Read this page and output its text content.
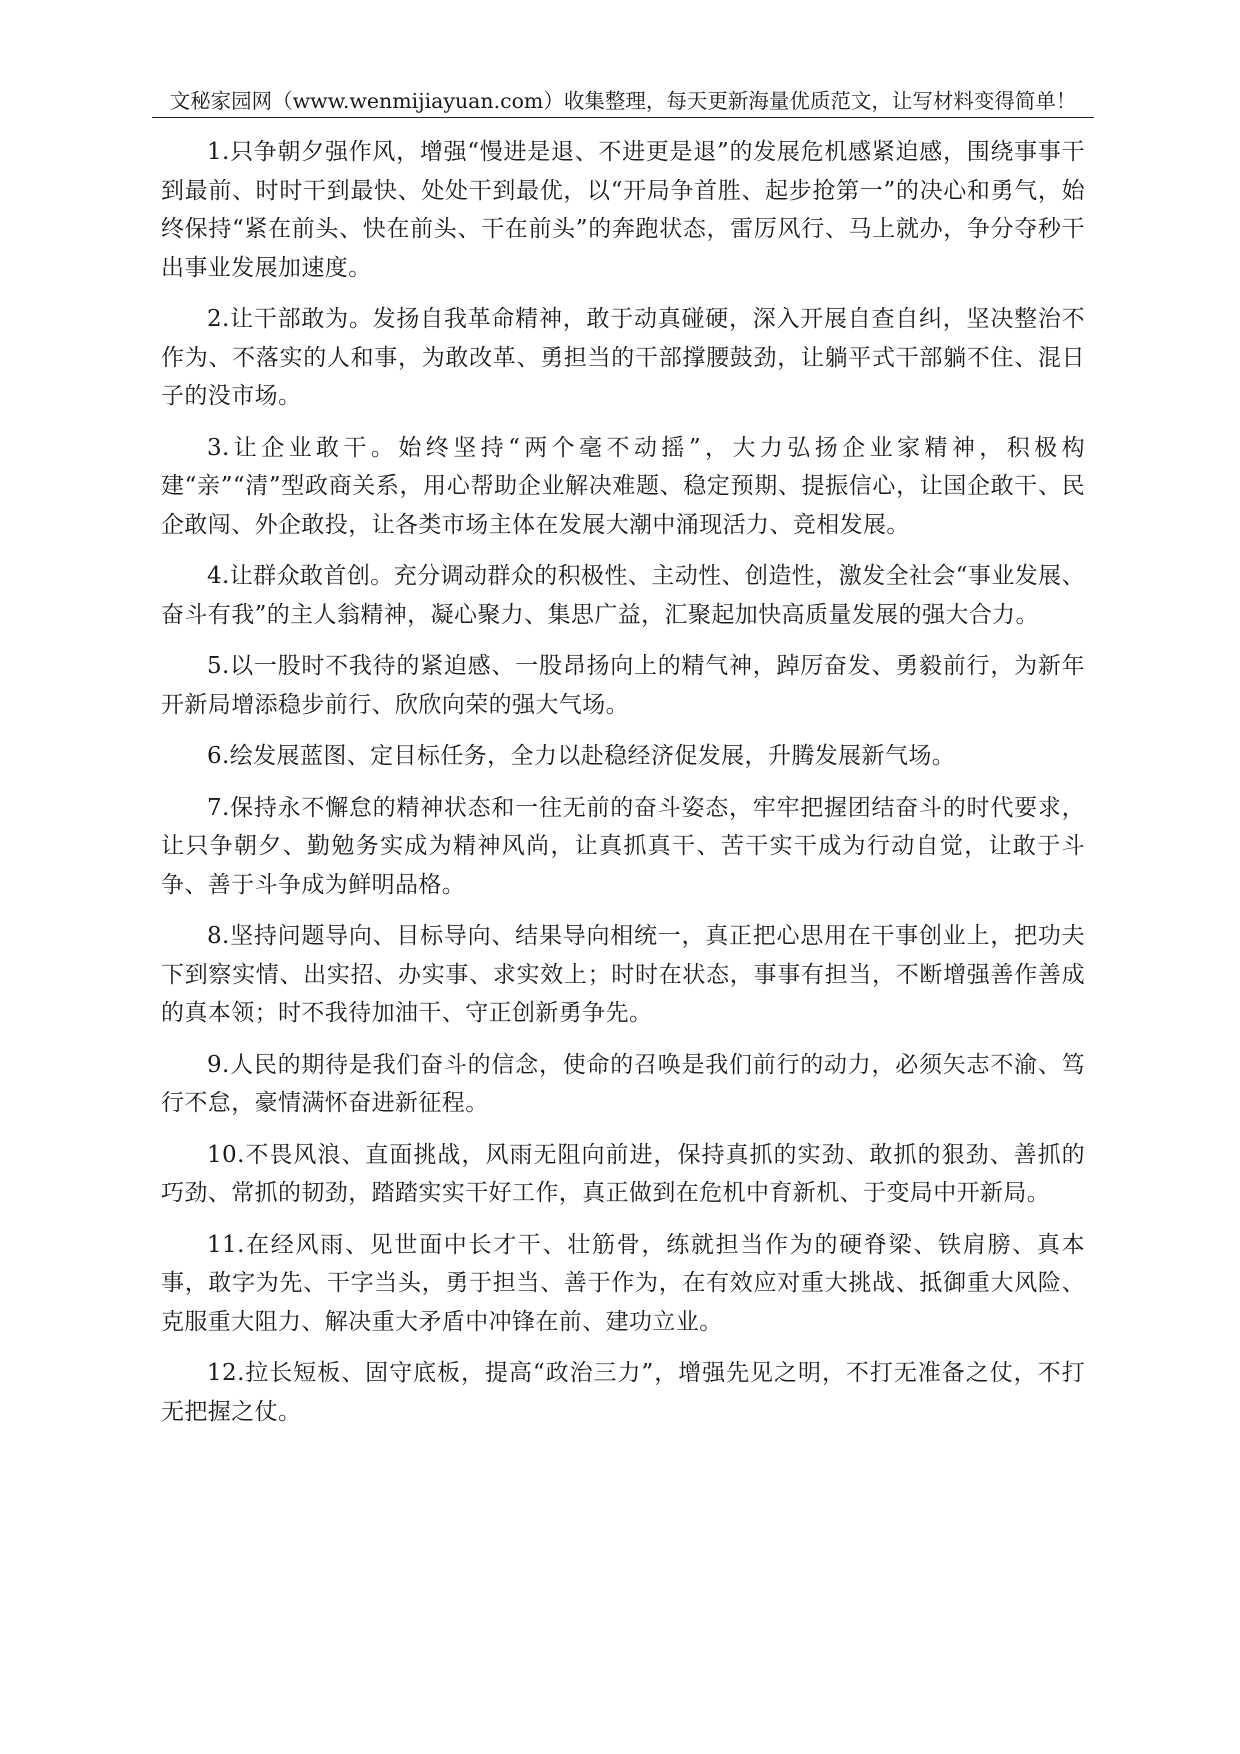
文秘家园网（www.wenmijiayuan.com）收集整理，每天更新海量优质范文，让写材料变得简单！

1.只争朝夕强作风，增强“慢进是退、不进更是退”的发展危机感紧迫感，围绕事事干到最前、时时干到最快、处处干到最优，以“开局争首胜、起步抢第一”的决心和勇气，始终保持“紧在前头、快在前头、干在前头”的奔跑状态，雷厉风行、马上就办，争分夺秒干出事业发展加速度。

2.让干部敢为。发扬自我革命精神，敢于动真碰硬，深入开展自查自纠，坚决整治不作为、不落实的人和事，为敢改革、勇担当的干部撑腰鼓劲，让躺平式干部躺不住、混日子的没市场。

3.让企业敢干。始终坚持“两个毫不动摇”，大力弘扬企业家精神，积极构建“亲”“清”型政商关系，用心帮助企业解决难题、稳定预期、提振信心，让国企敢干、民企敢闯、外企敢投，让各类市场主体在发展大潮中涌现活力、竞相发展。

4.让群众敢首创。充分调动群众的积极性、主动性、创造性，激发全社会“事业发展、奋斗有我”的主人翁精神，凝心聚力、集思广益，汇聚起加快高质量发展的强大合力。

5.以一股时不我待的紧迫感、一股昂扬向上的精气神，踔厉奋发、勇毅前行，为新年开新局增添稳步前行、欣欣向荣的强大气场。

6.绘发展蓝图、定目标任务，全力以赴稳经济促发展，升腾发展新气场。

7.保持永不懈怠的精神状态和一往无前的奋斗姿态，牢牢把握团结奋斗的时代要求，让只争朝夕、勤勉务实成为精神风尚，让真抓真干、苦干实干成为行动自觉，让敢于斗争、善于斗争成为鲜明品格。

8.坚持问题导向、目标导向、结果导向相统一，真正把心思用在干事创业上，把功夫下到察实情、出实招、办实事、求实效上；时时在状态，事事有担当，不断增强善作善成的真本领；时不我待加油干、守正创新勇争先。

9.人民的期待是我们奋斗的信念，使命的召唤是我们前行的动力，必须矢志不渝、笃行不怠，豪情满怀奋进新征程。

10.不畏风浪、直面挑战，风雨无阻向前进，保持真抓的实劲、敢抓的狠劲、善抓的巧劲、常抓的韧劲，踏踏实实干好工作，真正做到在危机中育新机、于变局中开新局。

11.在经风雨、见世面中长才干、壮筋骨，练就担当作为的硬脊梁、铁肩膀、真本事，敢字为先、干字当头，勇于担当、善于作为，在有效应对重大挑战、抵御重大风险、克服重大阻力、解决重大矛盾中冲锋在前、建功立业。

12.拉长短板、固守底板，提高“政治三力”，增强先见之明，不打无准备之仗，不打无把握之仗。
